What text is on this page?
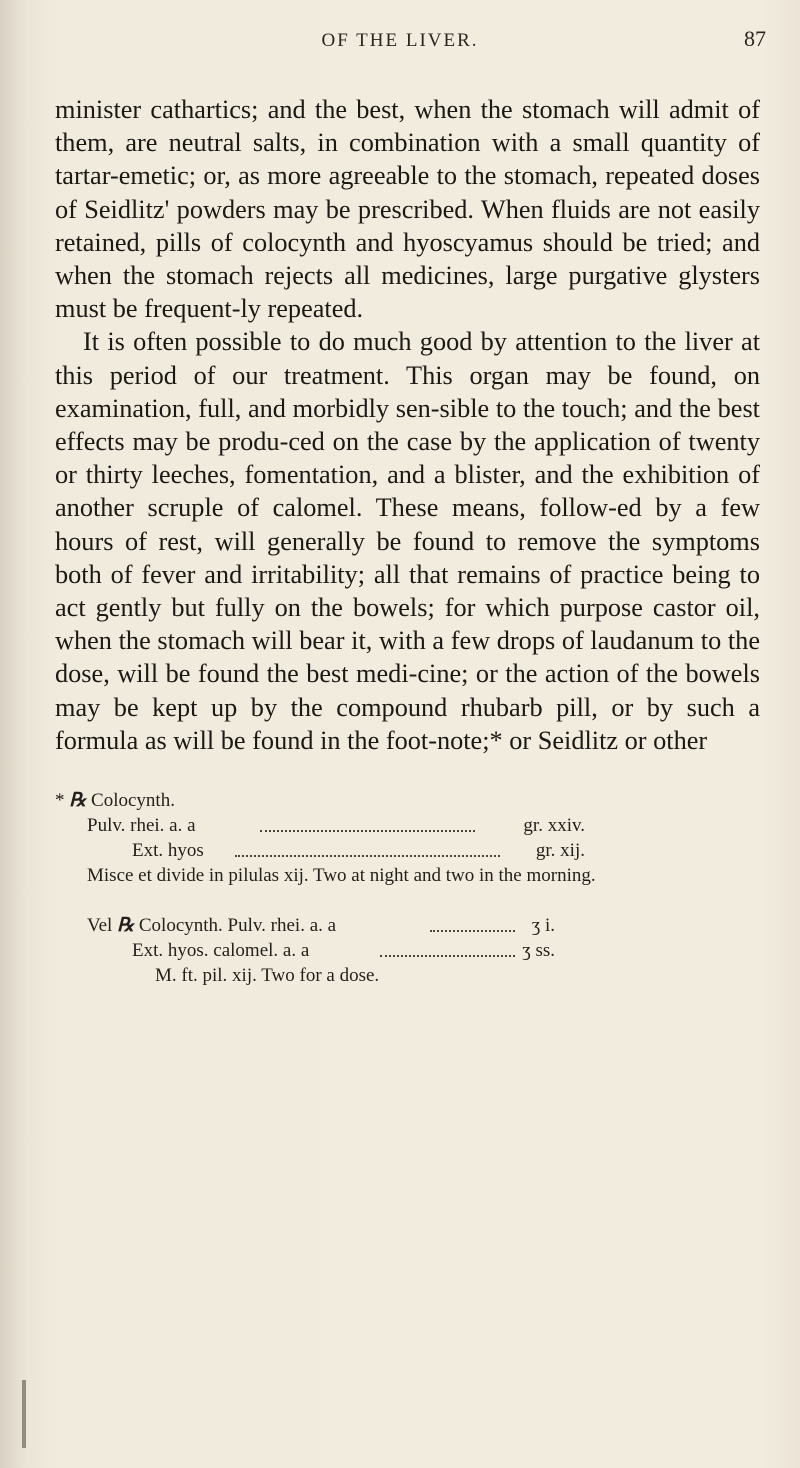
OF THE LIVER.	87

minister cathartics; and the best, when the stomach will admit of them, are neutral salts, in combination with a small quantity of tartar-emetic; or, as more agreeable to the stomach, repeated doses of Seidlitz' powders may be prescribed. When fluids are not easily retained, pills of colocynth and hyoscyamus should be tried; and when the stomach rejects all medicines, large purgative glysters must be frequent-ly repeated.

It is often possible to do much good by attention to the liver at this period of our treatment. This organ may be found, on examination, full, and morbidly sen-sible to the touch; and the best effects may be produ-ced on the case by the application of twenty or thirty leeches, fomentation, and a blister, and the exhibition of another scruple of calomel. These means, follow-ed by a few hours of rest, will generally be found to remove the symptoms both of fever and irritability; all that remains of practice being to act gently but fully on the bowels; for which purpose castor oil, when the stomach will bear it, with a few drops of laudanum to the dose, will be found the best medi-cine; or the action of the bowels may be kept up by the compound rhubarb pill, or by such a formula as will be found in the foot-note;* or Seidlitz or other

* ℞ Colocynth.
Pulv. rhei. a. a	gr. xxiv.
Ext. hyos	gr. xij.
Misce et divide in pilulas xij. Two at night and two in the morning.
Vel ℞ Colocynth. Pulv. rhei. a. a	ʒ i.
Ext. hyos. calomel. a. a	ʒ ss.
M. ft. pil. xij. Two for a dose.
